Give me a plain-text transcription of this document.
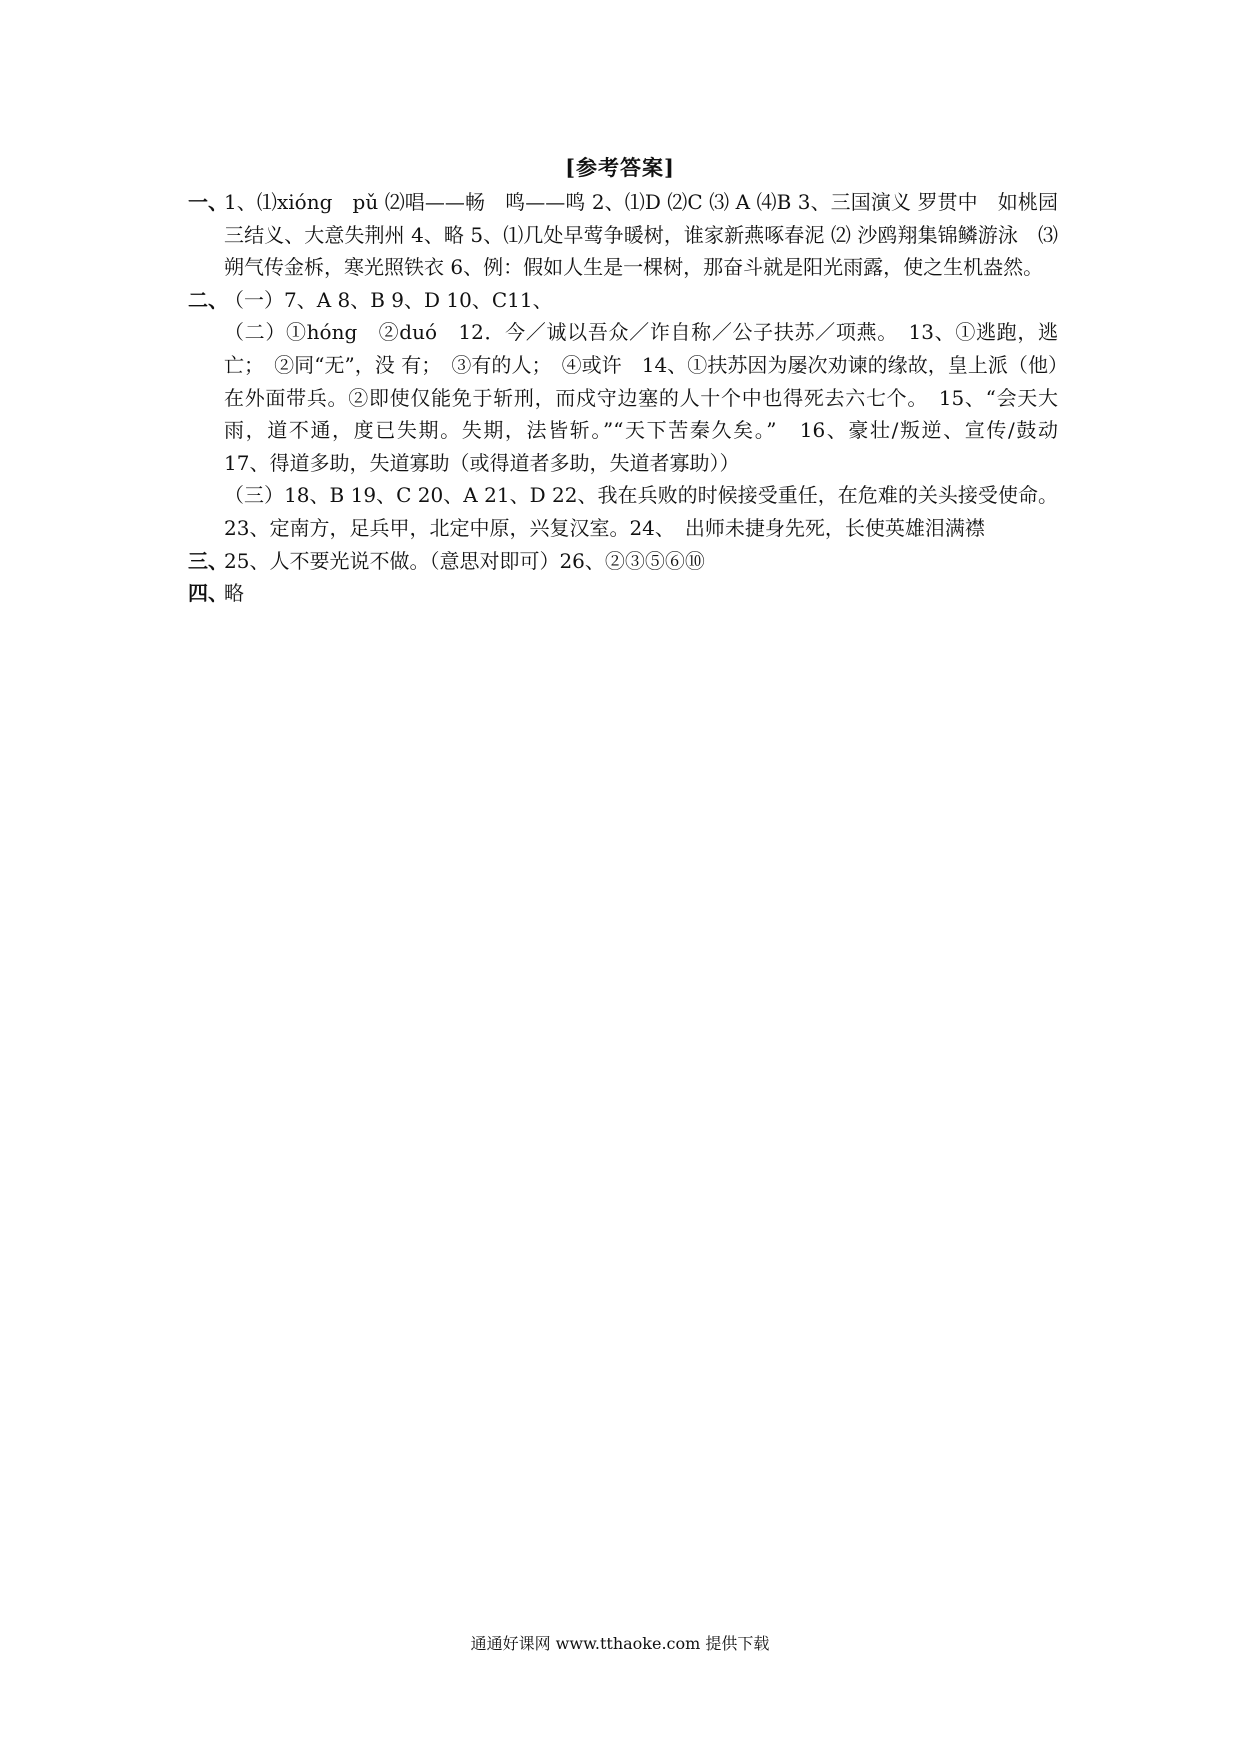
[参考答案]
一、
1、⑴xióng　pǔ ⑵唱——畅　鸣——鸣 2、⑴D ⑵C ⑶ A ⑷B 3、三国演义 罗贯中　如桃园三结义、大意失荆州 4、略 5、⑴几处早莺争暖树，谁家新燕啄春泥 ⑵ 沙鸥翔集锦鳞游泳　⑶朔气传金柝，寒光照铁衣 6、例：假如人生是一棵树，那奋斗就是阳光雨露，使之生机盎然。
二、
（一）7、A 8、B 9、D 10、C11、
（二）①hóng　②duó　12．今／诚以吾众／诈自称／公子扶苏／项燕。　13、①逃跑，逃亡；　②同“无”，没 有；　③有的人；　④或许　14、①扶苏因为屡次劝谏的缘故，皇上派（他）在外面带兵。②即使仅能免于斩刑，而戍守边塞的人十个中也得死去六七个。　15、“会天大雨，道不通，度已失期。失期，法皆斩。”“天下苦秦久矣。”　16、豪壮/叛逆、宣传/鼓动　17、得道多助，失道寡助（或得道者多助，失道者寡助））
（三）18、B 19、C 20、A 21、D 22、我在兵败的时候接受重任，在危难的关头接受使命。23、定南方，足兵甲，北定中原，兴复汉室。24、　出师未捷身先死，长使英雄泪满襟
三、
25、人不要光说不做。（意思对即可）26、②③⑤⑥⑩
四、
略
通通好课网 www.tthaoke.com 提供下载
